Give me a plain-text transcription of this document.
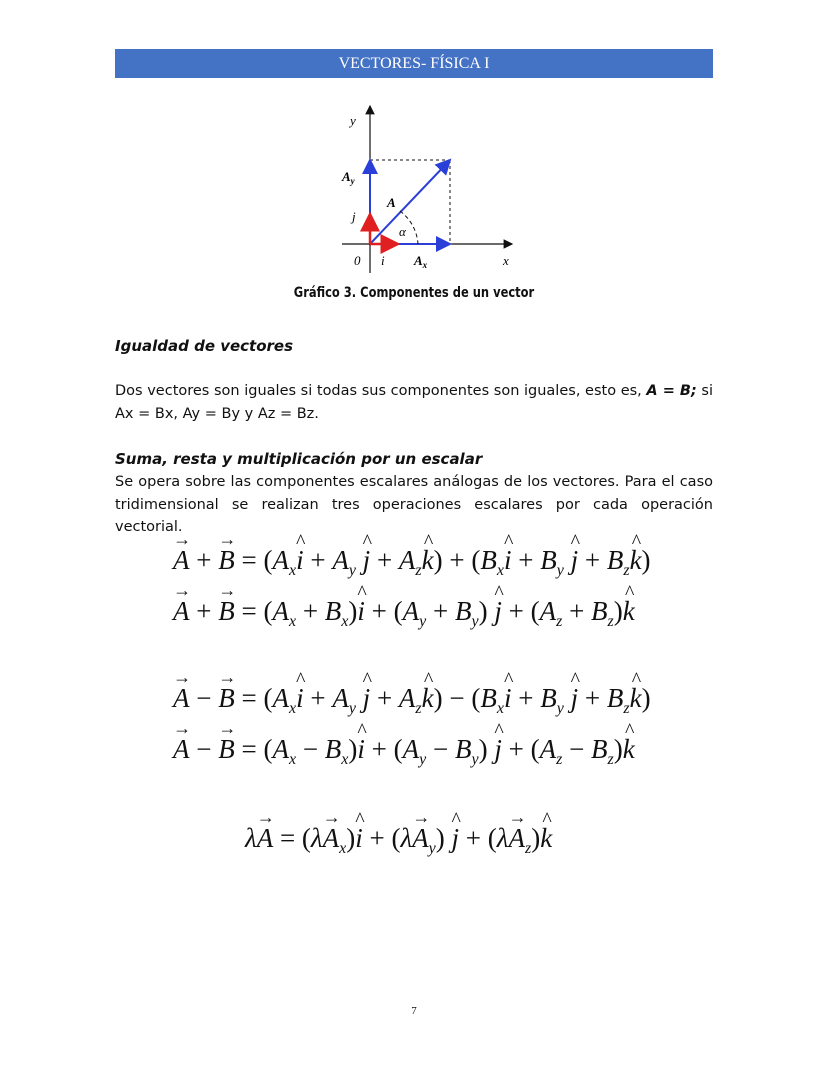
VECTORES- FÍSICA I
y
$A_y$
j
A
α
0 i $A_x$	x
Gráfico 3. Componentes de un vector
Igualdad de vectores
Dos vectores son iguales si todas sus componentes son iguales, esto es, A = B; si Ax = Bx, Ay = By y Az = Bz.
Suma, resta y multiplicación por un escalar
Se opera sobre las componentes escalares análogas de los vectores. Para el caso tridimensional se realizan tres operaciones escalares por cada operación vectorial.
→ A + → $B = (A_x\^{}$ $i + A_y$ ^ $j + A_z\^{}$ $k) + (B_x\^{}$ $i + B_y$ ^ $j + B_z\^{}$ k)
→ A + → $B = (A_x$ + $B_x)\^{}$ $i + (A_y + B_y)$ ^ $j + (A_z$ + $B_z)\^{}$ k
→ A − → $B = (A_x\^{}$ $i + A_y$ ^ $j + A_z\^{}$ $k) - (B_x\^{}$ $i + B_y$ ^ $j + B_z\^{}$ k)
→ A − → $B = (A_x$ − $B_x)\^{}$ $i + (A_y - B_y)$ ^ $j + (A_z$ − $B_z)\^{}$ k
$\lambda\to A = (\lambda\to A_x)\^{}$ $i + (\lambda\to A_y)$ ^ $j + (\lambda\to A_z)\^{}$ k
7
